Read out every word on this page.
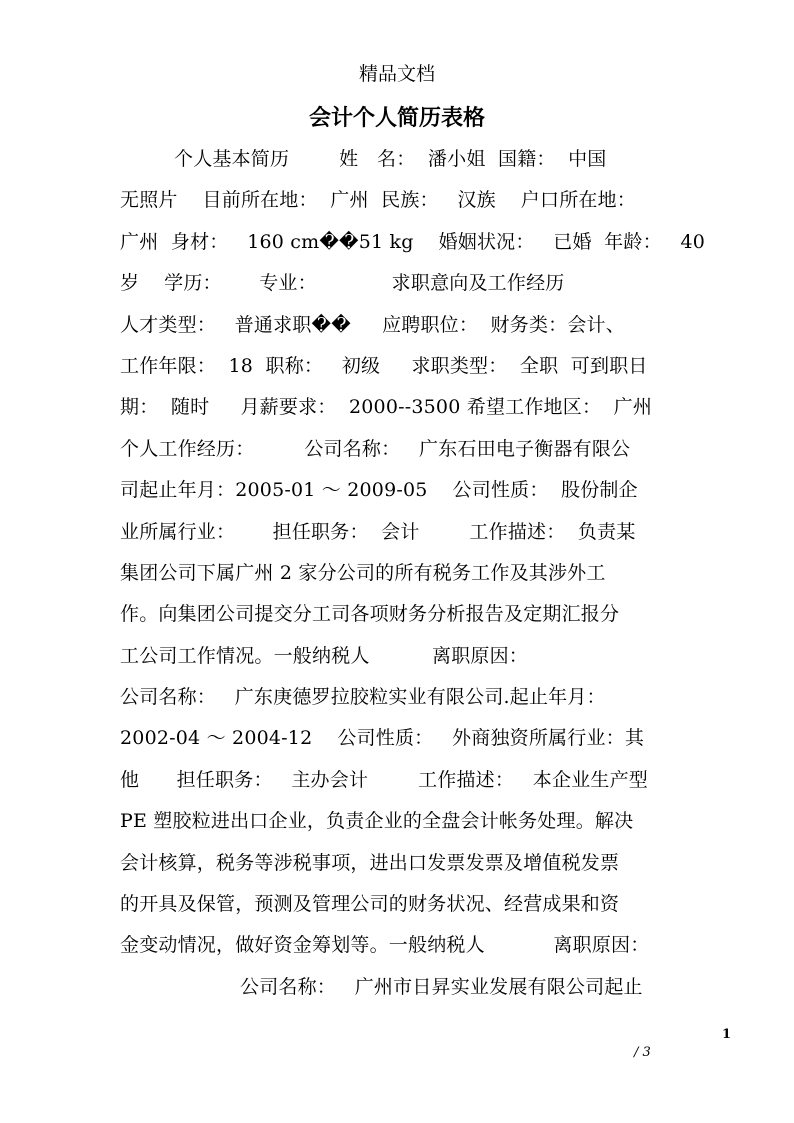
精品文档
会计个人简历表格
个人基本简历        姓   名：  潘小姐  国籍：  中国
无照片    目前所在地：  广州  民族：   汉族    户口所在地：
广州  身材：   160 cm��51 kg    婚姻状况：   已婚  年龄：   40
岁    学历：      专业：            求职意向及工作经历
人才类型：   普通求职��     应聘职位：  财务类：会计、
工作年限：  18  职称：   初级     求职类型：  全职  可到职日
期：  随时     月薪要求：  2000--3500 希望工作地区：  广州
个人工作经历：        公司名称：   广东石田电子衡器有限公
司起止年月：2005-01 ～ 2009-05    公司性质：  股份制企
业所属行业：      担任职务：  会计        工作描述：  负责某
集团公司下属广州 2 家分公司的所有税务工作及其涉外工
作。向集团公司提交分工司各项财务分析报告及定期汇报分
工公司工作情况。一般纳税人          离职原因：
公司名称：   广东庚德罗拉胶粒实业有限公司.起止年月：
2002-04 ～ 2004-12    公司性质：   外商独资所属行业：其
他      担任职务：   主办会计        工作描述：   本企业生产型
PE 塑胶粒进出口企业，负责企业的全盘会计帐务处理。解决
会计核算，税务等涉税事项，进出口发票发票及增值税发票
的开具及保管，预测及管理公司的财务状况、经营成果和资
金变动情况，做好资金筹划等。一般纳税人           离职原因：
公司名称：   广州市日昇实业发展有限公司起止
1
/ 3
